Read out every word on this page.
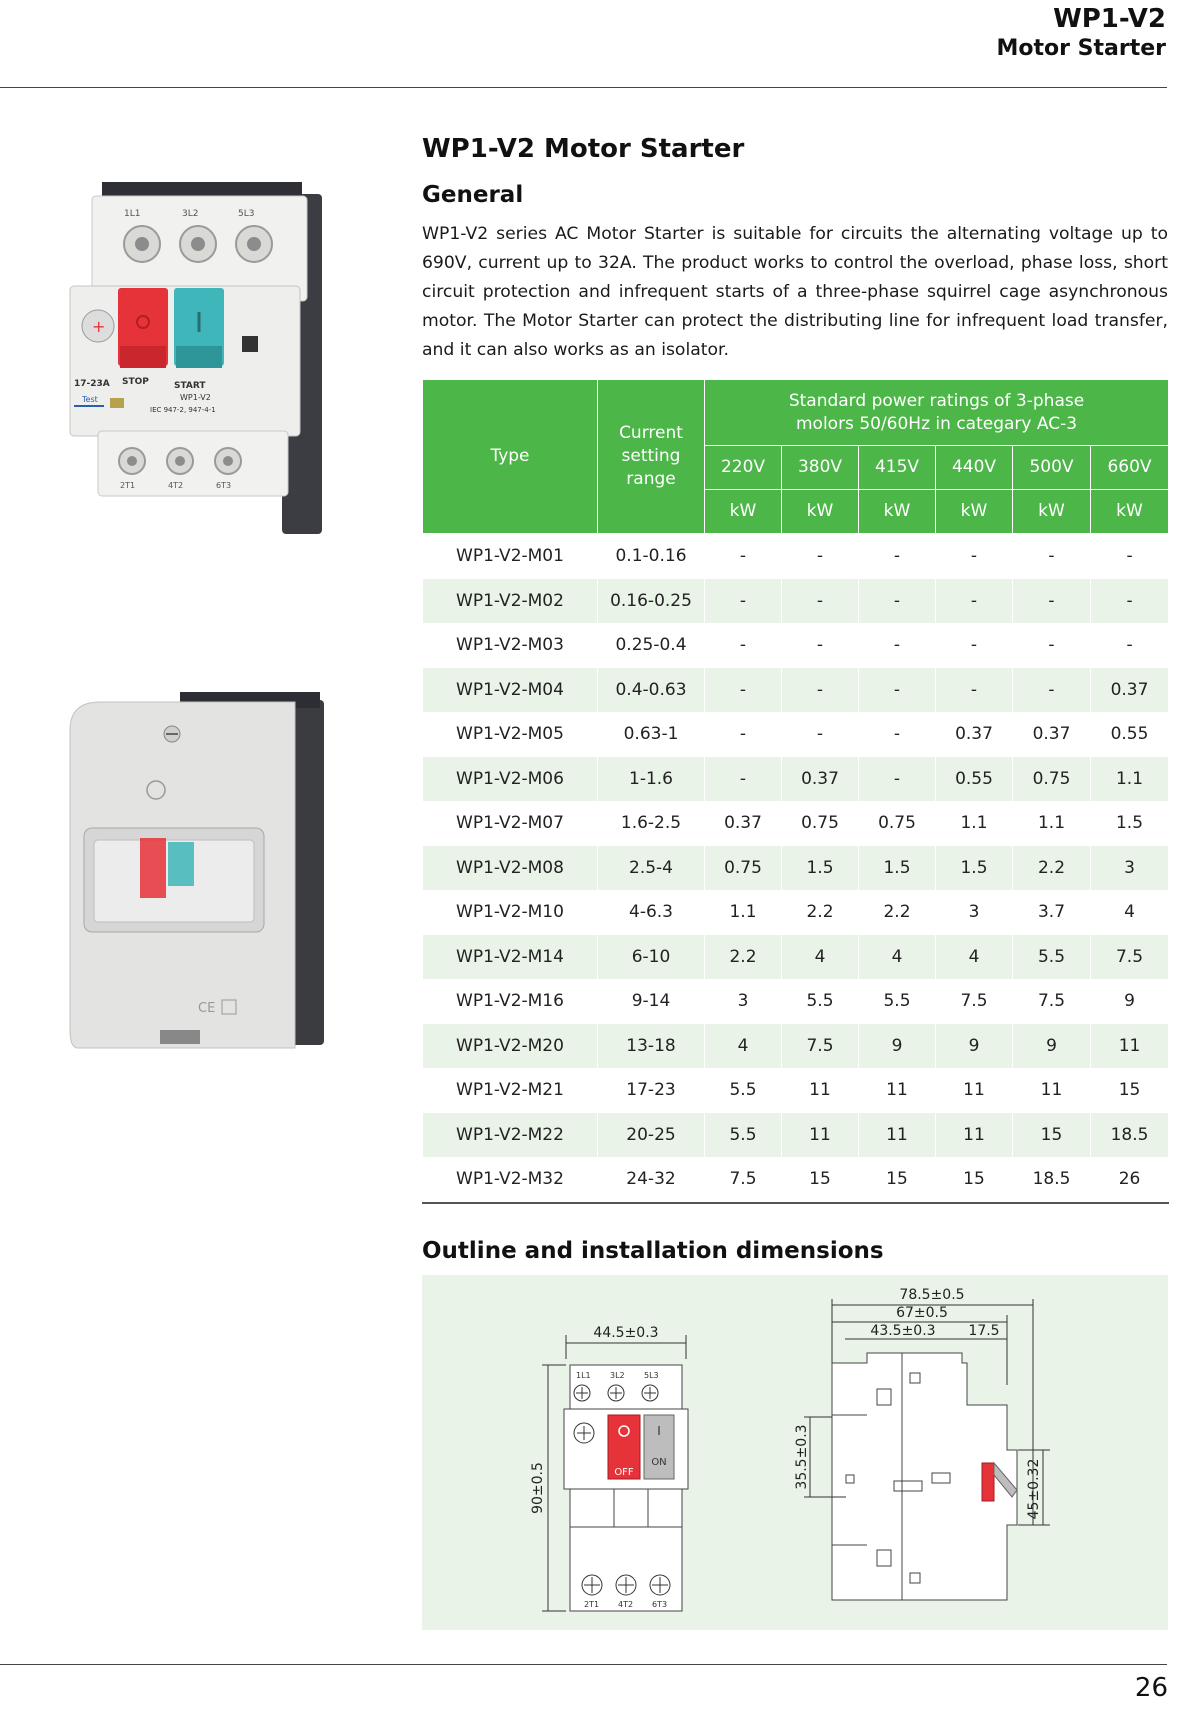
WP1-V2
Motor Starter
1L1	3L2	5L3
+
17-23A STOP	START
Test	WP1-V2
IEC 947-2, 947-4-1
2T1	4T2	6T3
CE
WP1-V2 Motor Starter
General

WP1-V2 series AC Motor Starter is suitable for circuits the alternating voltage up to 690V, current up to 32A. The product works to control the overload, phase loss, short circuit protection and infrequent starts of a three-phase squirrel cage asynchronous motor. The Motor Starter can protect the distributing line for infrequent load transfer, and it can also works as an isolator.

Type	Current
setting
range	Standard power ratings of 3-phase
molors 50/60Hz in categary AC-3					
		220V	380V	415V	440V	500V	660V
		kW	kW	kW	kW	kW	kW
WP1-V2-M01	0.1-0.16	-	-	-	-	-	-
WP1-V2-M02	0.16-0.25	-	-	-	-	-	-
WP1-V2-M03	0.25-0.4	-	-	-	-	-	-
WP1-V2-M04	0.4-0.63	-	-	-	-	-	0.37
WP1-V2-M05	0.63-1	-	-	-	0.37	0.37	0.55
WP1-V2-M06	1-1.6	-	0.37	-	0.55	0.75	1.1
WP1-V2-M07	1.6-2.5	0.37	0.75	0.75	1.1	1.1	1.5
WP1-V2-M08	2.5-4	0.75	1.5	1.5	1.5	2.2	3
WP1-V2-M10	4-6.3	1.1	2.2	2.2	3	3.7	4
WP1-V2-M14	6-10	2.2	4	4	4	5.5	7.5
WP1-V2-M16	9-14	3	5.5	5.5	7.5	7.5	9
WP1-V2-M20	13-18	4	7.5	9	9	9	11
WP1-V2-M21	17-23	5.5	11	11	11	11	15
WP1-V2-M22	20-25	5.5	11	11	11	15	18.5
WP1-V2-M32	24-32	7.5	15	15	15	18.5	26
Outline and installation dimensions
44.5±0.3
90±0.5
1L1 3L2 5L3
OFF
I
ON
2T1 4T2 6T3
78.5±0.5
67±0.5
43.5±0.3 17.5
35.5±0.3	45±0.32
26
